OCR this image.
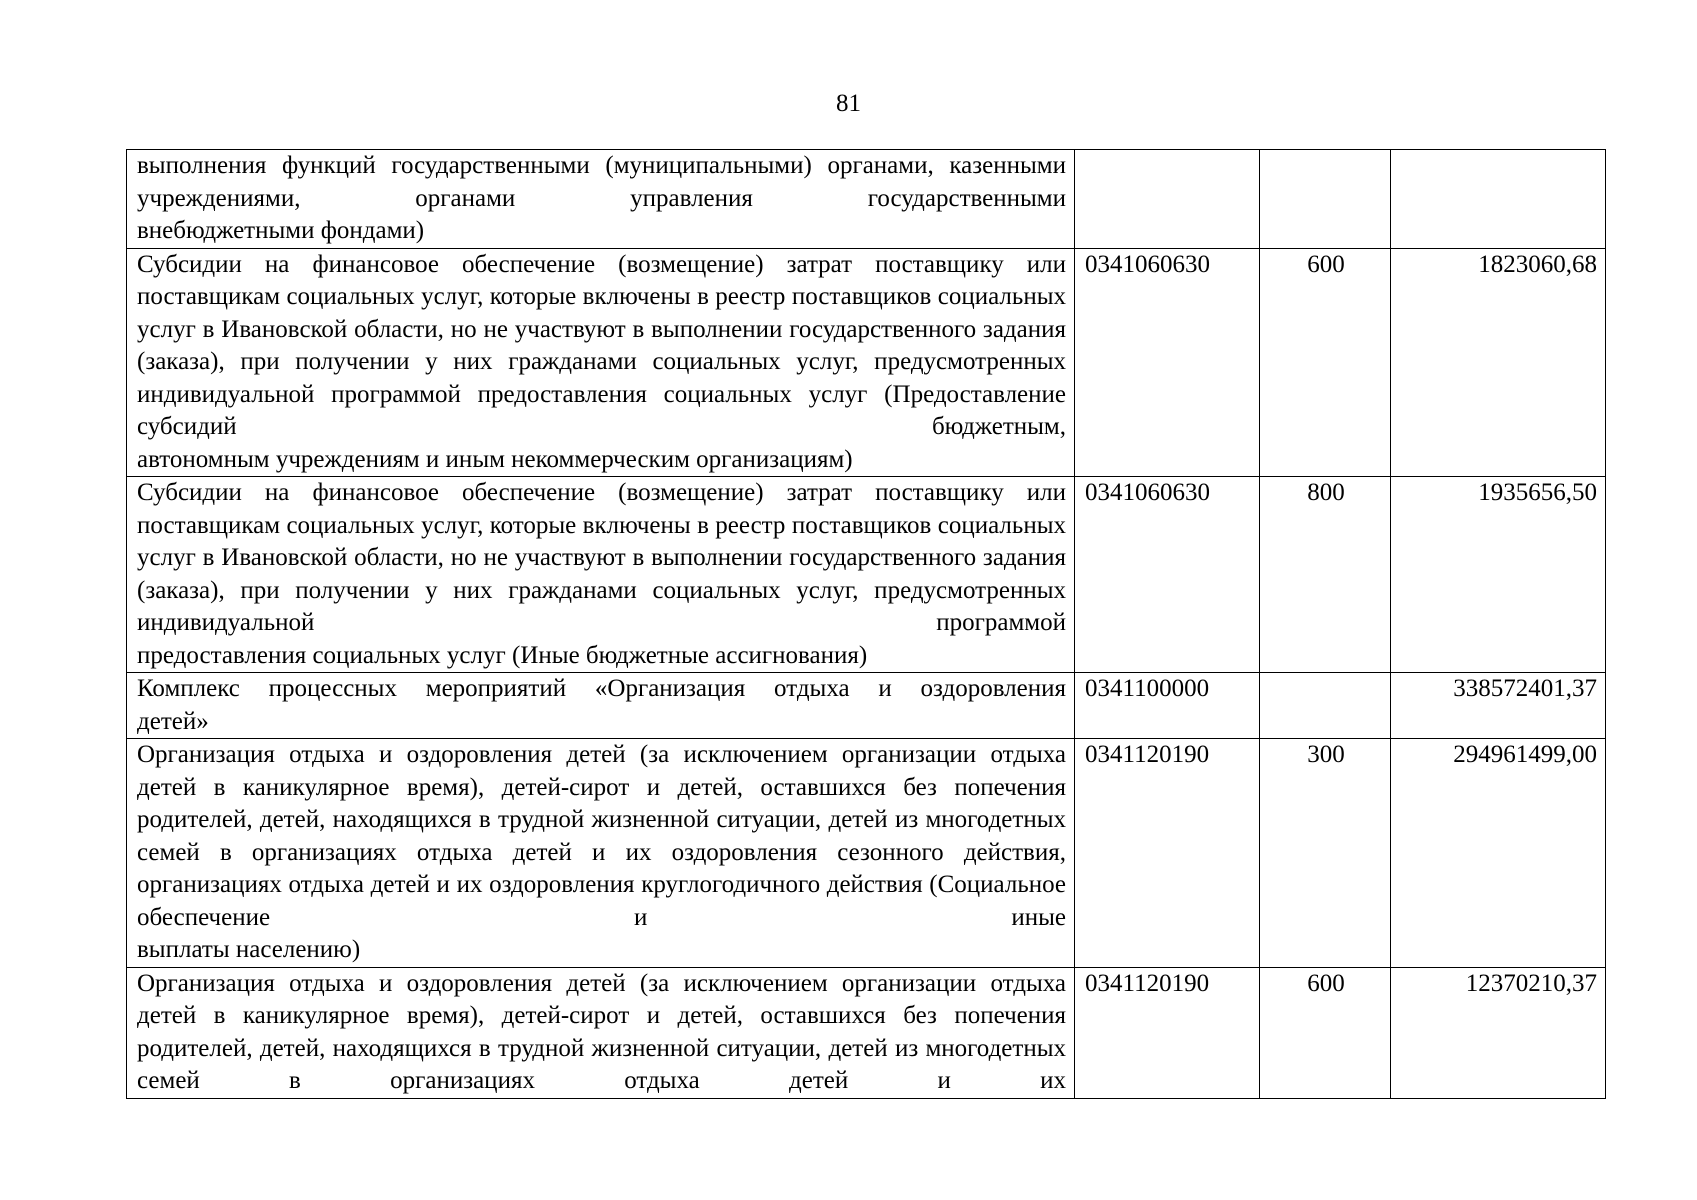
81
выполнения функций государственными (муниципальными) органами, казенными учреждениями, органами управления государственными
внебюджетными фондами)			

Субсидии на финансовое обеспечение (возмещение) затрат поставщику или поставщикам социальных услуг, которые включены в реестр поставщиков социальных услуг в Ивановской области, но не участвуют в выполнении государственного задания (заказа), при получении у них гражданами социальных услуг, предусмотренных индивидуальной программой предоставления социальных услуг (Предоставление субсидий бюджетным,
автономным учреждениям и иным некоммерческим организациям)	0341060630	600	1823060,68
Субсидии на финансовое обеспечение (возмещение) затрат поставщику или поставщикам социальных услуг, которые включены в реестр поставщиков социальных услуг в Ивановской области, но не участвуют в выполнении государственного задания (заказа), при получении у них гражданами социальных услуг, предусмотренных индивидуальной программой
предоставления социальных услуг (Иные бюджетные ассигнования)	0341060630	800	1935656,50
Комплекс процессных мероприятий «Организация отдыха и оздоровления
детей»	0341100000		338572401,37
Организация отдыха и оздоровления детей (за исключением организации отдыха детей в каникулярное время), детей-сирот и детей, оставшихся без попечения родителей, детей, находящихся в трудной жизненной ситуации, детей из многодетных семей в организациях отдыха детей и их оздоровления сезонного действия, организациях отдыха детей и их оздоровления круглогодичного действия (Социальное обеспечение и иные
выплаты населению)	0341120190	300	294961499,00
Организация отдыха и оздоровления детей (за исключением организации отдыха детей в каникулярное время), детей-сирот и детей, оставшихся без попечения родителей, детей, находящихся в трудной жизненной ситуации, детей из многодетных семей в организациях отдыха детей и их	0341120190	600	12370210,37
